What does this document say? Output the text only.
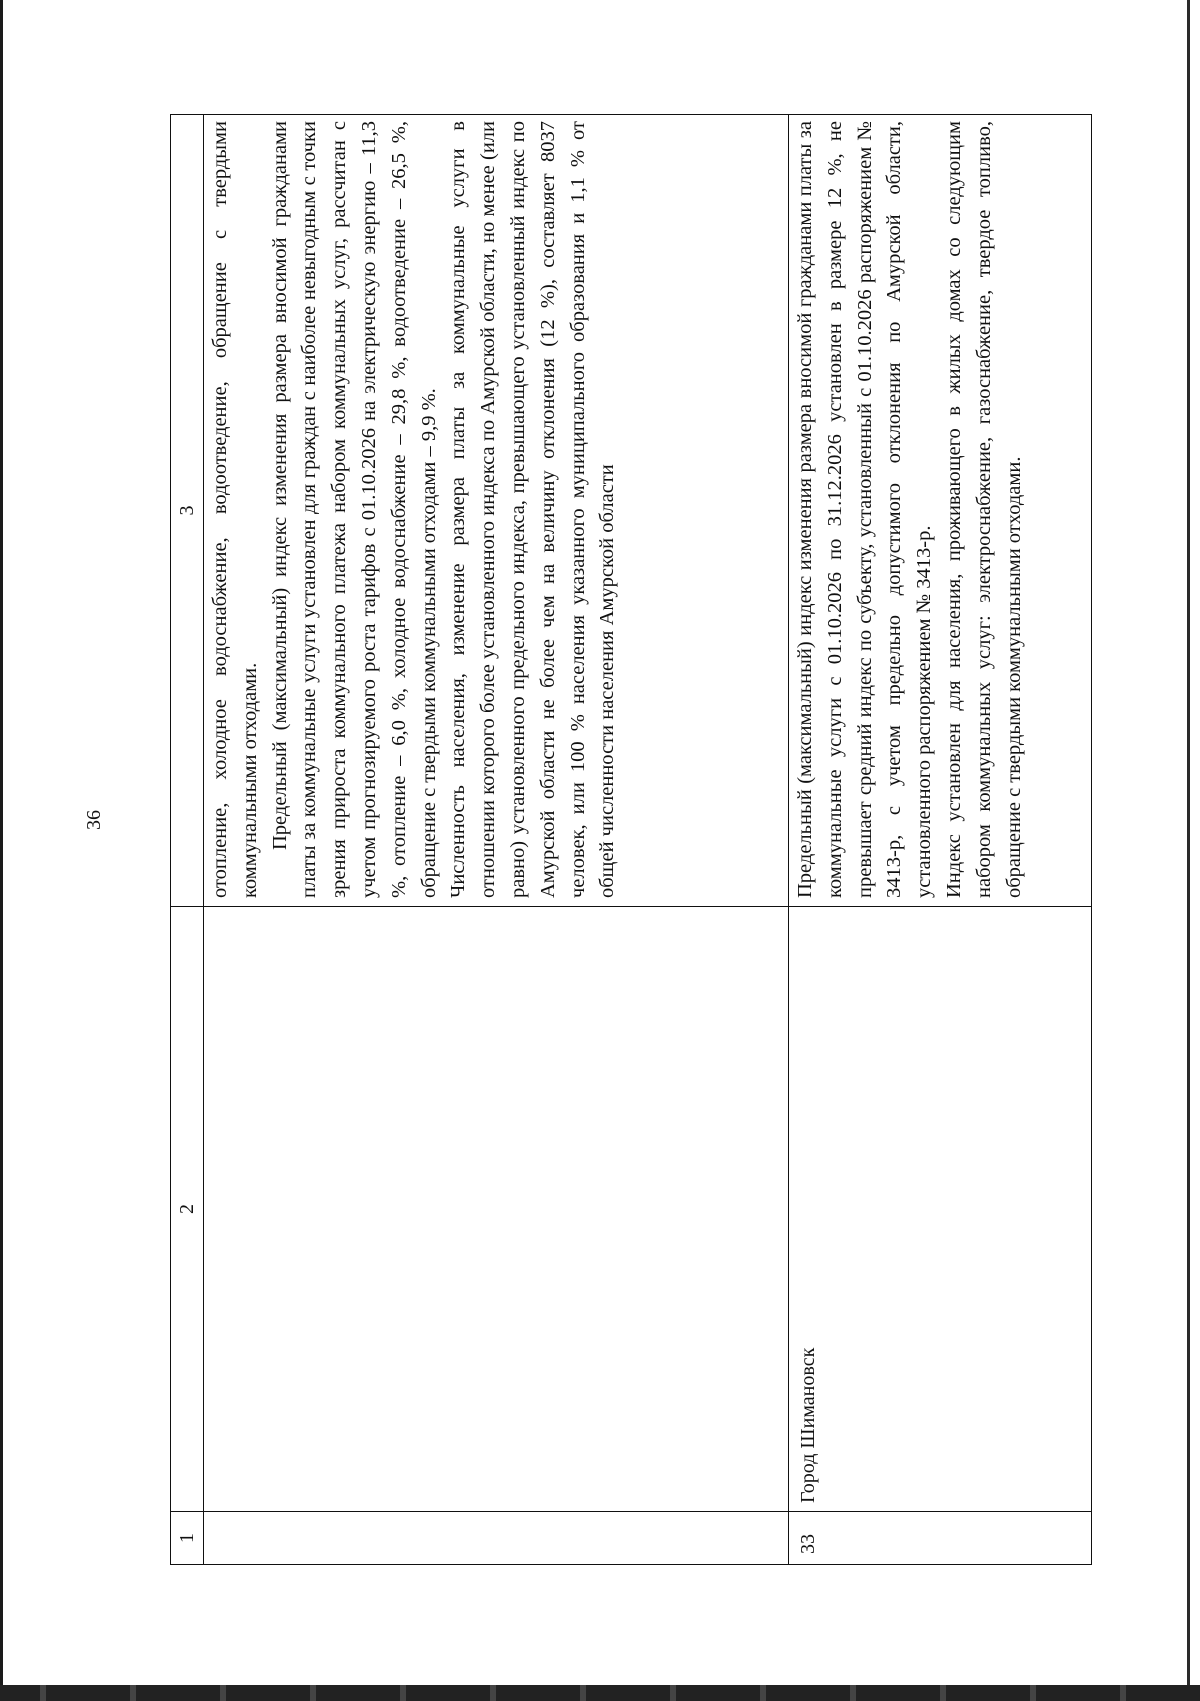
36
1	2	3

		отопление, холодное водоснабжение, водоотведение, обращение с твердыми коммунальными отходами. Предельный (максимальный) индекс изменения размера вносимой гражданами платы за коммунальные услуги установлен для граждан с наиболее невыгодным с точки зрения прироста коммунального платежа набором коммунальных услуг, рассчитан с учетом прогнозируемого роста тарифов с 01.10.2026 на электрическую энергию – 11,3 %, отопление – 6,0 %, холодное водоснабжение – 29,8 %, водоотведение – 26,5 %, обращение с твердыми коммунальными отходами – 9,9 %. Численность населения, изменение размера платы за коммунальные услуги в отношении которого более установленного индекса по Амурской области, но менее (или равно) установленного предельного индекса, превышающего установленный индекс по Амурской области не более чем на величину отклонения (12 %), составляет 8037 человек, или 100 % населения указанного муниципального образования и 1,1 % от общей численности населения Амурской области

33	Город Шимановск	Предельный (максимальный) индекс изменения размера вносимой гражданами платы за коммунальные услуги с 01.10.2026 по 31.12.2026 установлен в размере 12 %, не превышает средний индекс по субъекту, установленный с 01.10.2026 распоряжением № 3413-р, с учетом предельно допустимого отклонения по Амурской области, установленного распоряжением № 3413-р. Индекс установлен для населения, проживающего в жилых домах со следующим набором коммунальных услуг: электроснабжение, газоснабжение, твердое топливо, обращение с твердыми коммунальными отходами.
